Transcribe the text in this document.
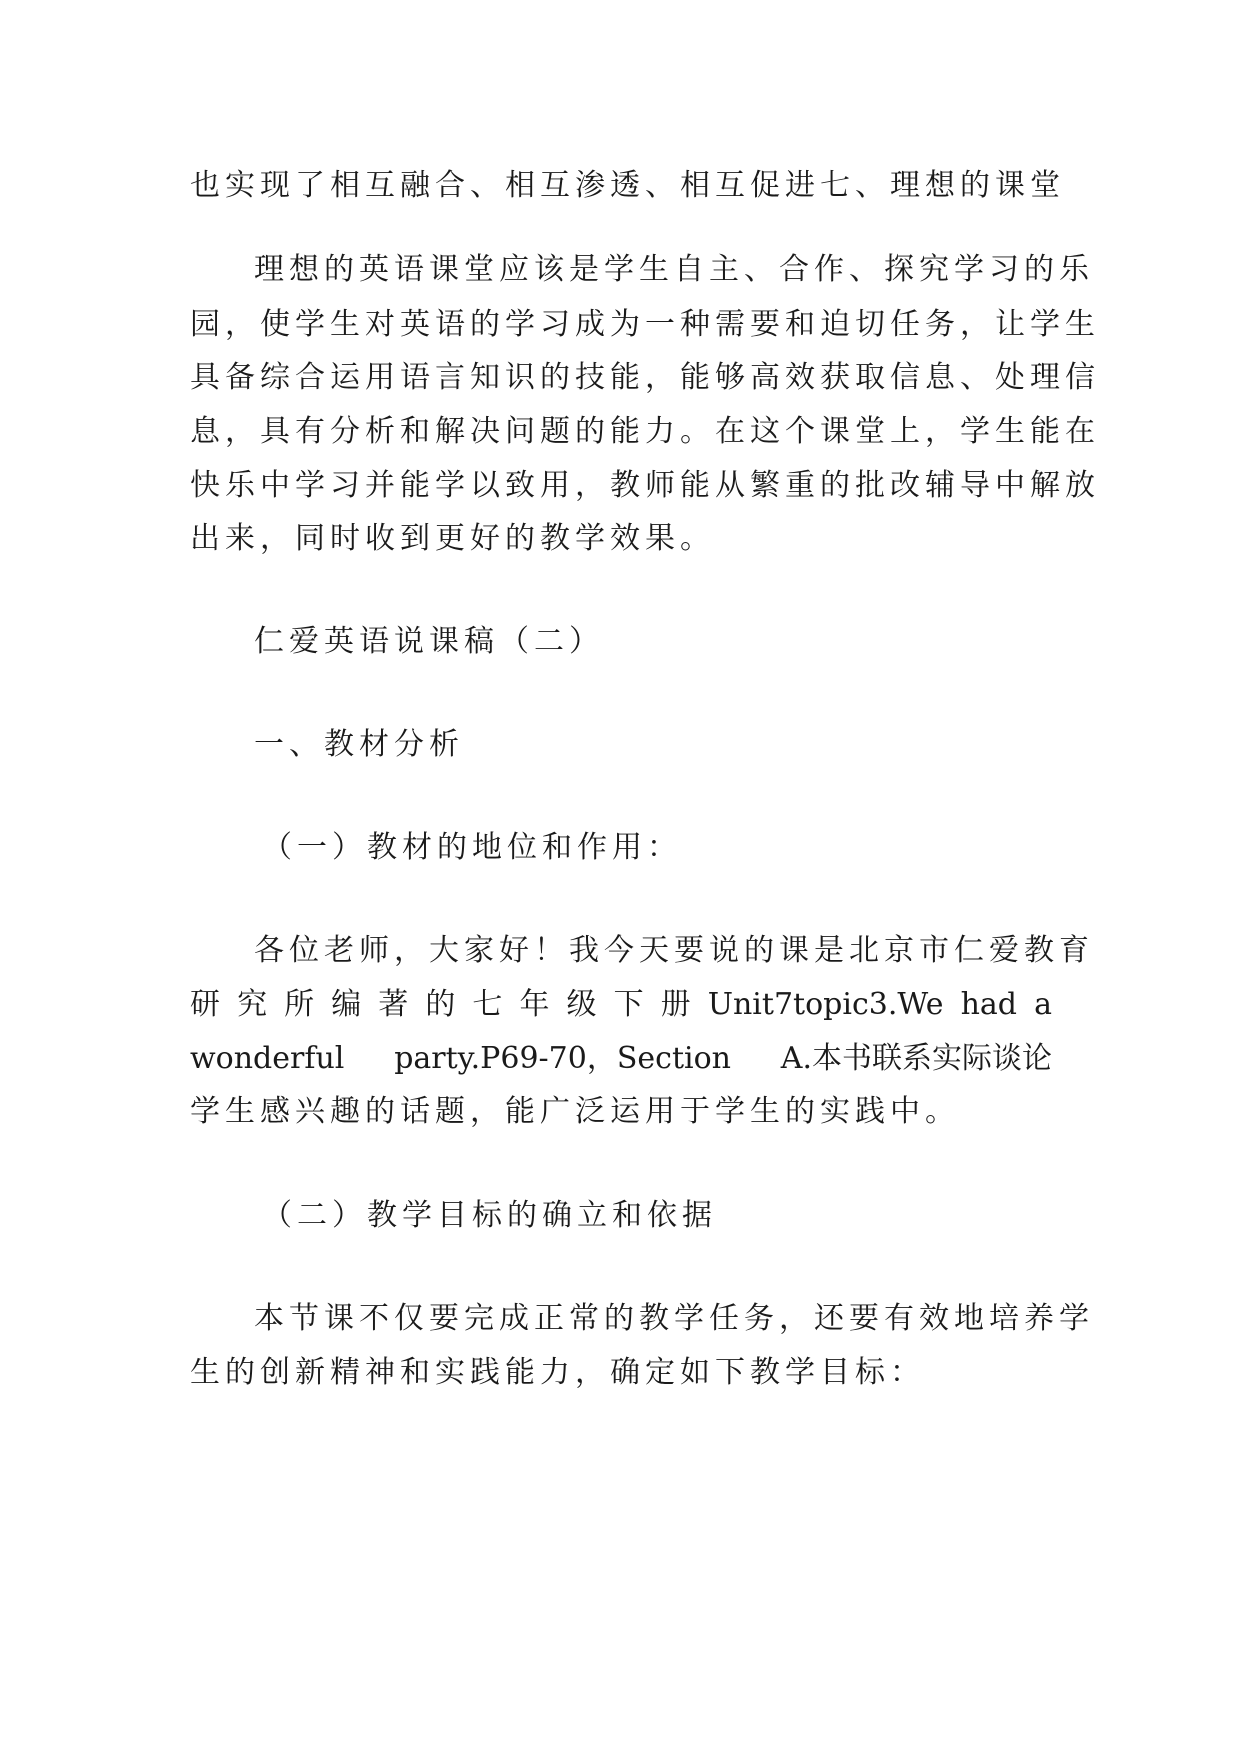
也实现了相互融合、相互渗透、相互促进七、理想的课堂
理想的英语课堂应该是学生自主、合作、探究学习的乐
园，使学生对英语的学习成为一种需要和迫切任务，让学生
具备综合运用语言知识的技能，能够高效获取信息、处理信
息，具有分析和解决问题的能力。在这个课堂上，学生能在
快乐中学习并能学以致用，教师能从繁重的批改辅导中解放
出来，同时收到更好的教学效果。
仁爱英语说课稿（二）
一、教材分析
（一）教材的地位和作用：
各位老师，大家好！我今天要说的课是北京市仁爱教育
研 究 所 编 著 的 七 年 级 下 册 Unit7topic3.We had a
wonderful party.P69-70，Section A.本书联系实际谈论
学生感兴趣的话题，能广泛运用于学生的实践中。
（二）教学目标的确立和依据
本节课不仅要完成正常的教学任务，还要有效地培养学
生的创新精神和实践能力，确定如下教学目标：
